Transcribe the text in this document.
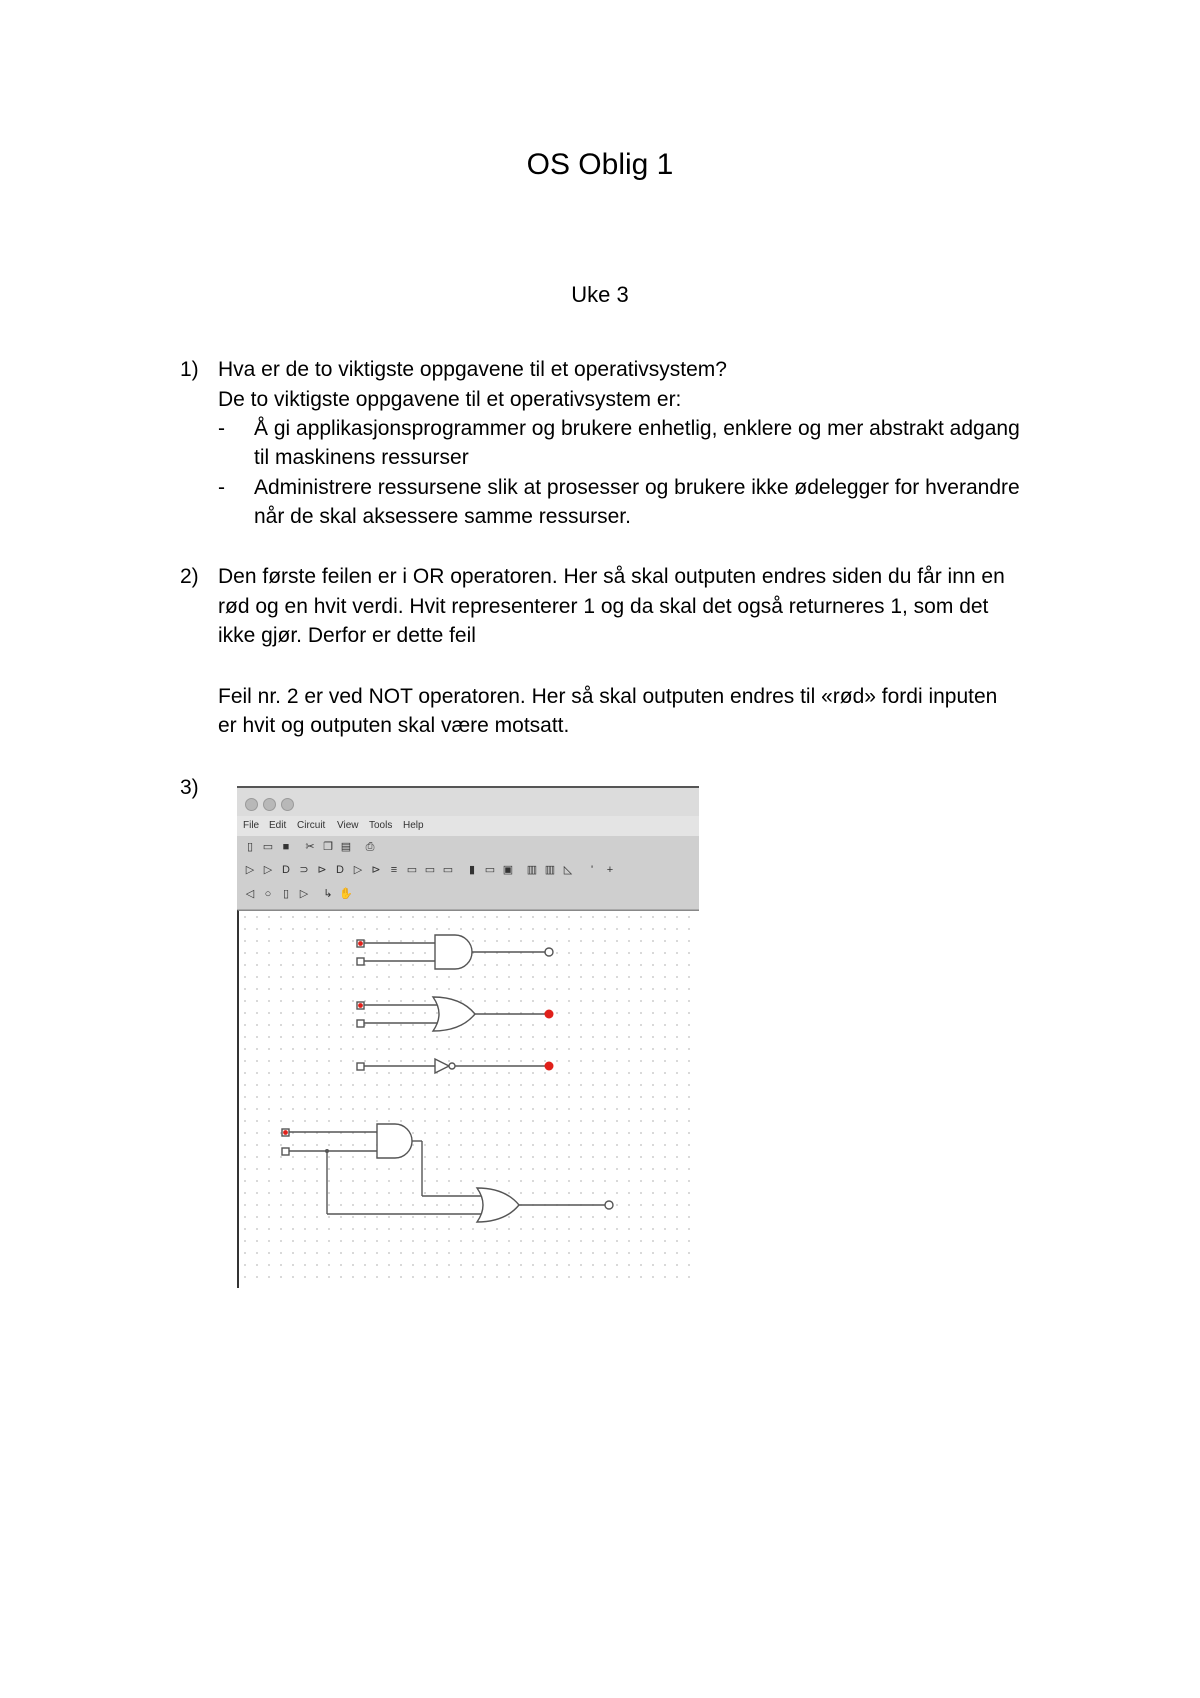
OS Oblig 1
Uke 3
1) Hva er de to viktigste oppgavene til et operativsystem?
De to viktigste oppgavene til et operativsystem er:
- Å gi applikasjonsprogrammer og brukere enhetlig, enklere og mer abstrakt adgang
til maskinens ressurser
- Administrere ressursene slik at prosesser og brukere ikke ødelegger for hverandre
når de skal aksessere samme ressurser.
2) Den første feilen er i OR operatoren. Her så skal outputen endres siden du får inn en
rød og en hvit verdi. Hvit representerer 1 og da skal det også returneres 1, som det
ikke gjør. Derfor er dette feil
Feil nr. 2 er ved NOT operatoren. Her så skal outputen endres til «rød» fordi inputen
er hvit og outputen skal være motsatt.
3)
File Edit Circuit View Tools Help
▯ ▭ ■	✂ ❐ ▤ ⎙
▷ ▷ D ⊃ ⊳ D ▷ ⊳ ≡ ▭ ▭ ▭	▮ ▭ ▣ ▥ ▥ ◺	'	+
◁ ○	▯ ▷ ↳ ✋
